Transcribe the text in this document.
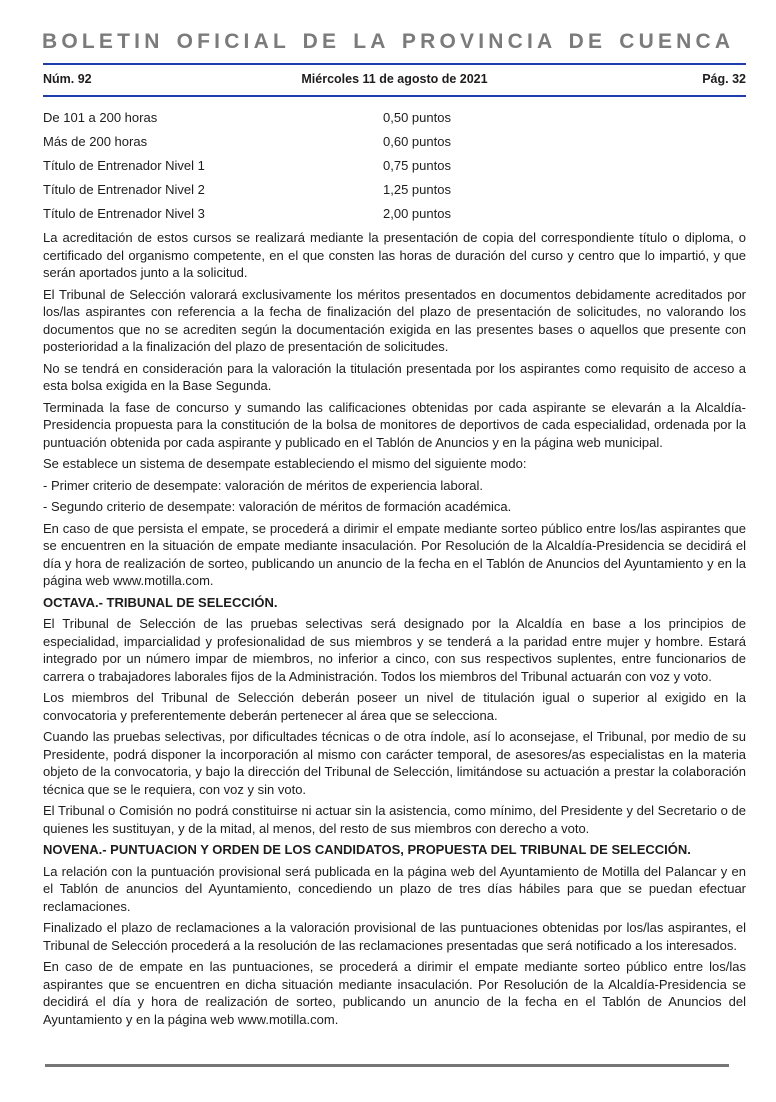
BOLETIN OFICIAL DE LA PROVINCIA DE CUENCA
Núm. 92	Miércoles 11 de agosto de 2021	Pág. 32
De 101 a 200 horas	0,50 puntos
Más de 200 horas	0,60 puntos
Título de Entrenador Nivel 1	0,75 puntos
Título de Entrenador Nivel 2	1,25 puntos
Título de Entrenador Nivel 3	2,00 puntos

La acreditación de estos cursos se realizará mediante la presentación de copia del correspondiente título o diploma, o certificado del organismo competente, en el que consten las horas de duración del curso y centro que lo impartió, y que serán aportados junto a la solicitud.

El Tribunal de Selección valorará exclusivamente los méritos presentados en documentos debidamente acreditados por los/las aspirantes con referencia a la fecha de finalización del plazo de presentación de solicitudes, no valorando los documentos que no se acrediten según la documentación exigida en las presentes bases o aquellos que presente con posterioridad a la finalización del plazo de presentación de solicitudes.

No se tendrá en consideración para la valoración la titulación presentada por los aspirantes como requisito de acceso a esta bolsa exigida en la Base Segunda.

Terminada la fase de concurso y sumando las calificaciones obtenidas por cada aspirante se elevarán a la Alcaldía-Presidencia propuesta para la constitución de la bolsa de monitores de deportivos de cada especialidad, ordenada por la puntuación obtenida por cada aspirante y publicado en el Tablón de Anuncios y en la página web municipal.

Se establece un sistema de desempate estableciendo el mismo del siguiente modo:

- Primer criterio de desempate: valoración de méritos de experiencia laboral.

- Segundo criterio de desempate: valoración de méritos de formación académica.

En caso de que persista el empate, se procederá a dirimir el empate mediante sorteo público entre los/las aspirantes que se encuentren en la situación de empate mediante insaculación. Por Resolución de la Alcaldía-Presidencia se decidirá el día y hora de realización de sorteo, publicando un anuncio de la fecha en el Tablón de Anuncios del Ayuntamiento y en la página web www.motilla.com.

OCTAVA.- TRIBUNAL DE SELECCIÓN.

El Tribunal de Selección de las pruebas selectivas será designado por la Alcaldía en base a los principios de especialidad, imparcialidad y profesionalidad de sus miembros y se tenderá a la paridad entre mujer y hombre. Estará integrado por un número impar de miembros, no inferior a cinco, con sus respectivos suplentes, entre funcionarios de carrera o trabajadores laborales fijos de la Administración. Todos los miembros del Tribunal actuarán con voz y voto.

Los miembros del Tribunal de Selección deberán poseer un nivel de titulación igual o superior al exigido en la convocatoria y preferentemente deberán pertenecer al área que se selecciona.

Cuando las pruebas selectivas, por dificultades técnicas o de otra índole, así lo aconsejase, el Tribunal, por medio de su Presidente, podrá disponer la incorporación al mismo con carácter temporal, de asesores/as especialistas en la materia objeto de la convocatoria, y bajo la dirección del Tribunal de Selección, limitándose su actuación a prestar la colaboración técnica que se le requiera, con voz y sin voto.

El Tribunal o Comisión no podrá constituirse ni actuar sin la asistencia, como mínimo, del Presidente y del Secretario o de quienes les sustituyan, y de la mitad, al menos, del resto de sus miembros con derecho a voto.

NOVENA.- PUNTUACION Y ORDEN DE LOS CANDIDATOS, PROPUESTA DEL TRIBUNAL DE SELECCIÓN.

La relación con la puntuación provisional será publicada en la página web del Ayuntamiento de Motilla del Palancar y en el Tablón de anuncios del Ayuntamiento, concediendo un plazo de tres días hábiles para que se puedan efectuar reclamaciones.

Finalizado el plazo de reclamaciones a la valoración provisional de las puntuaciones obtenidas por los/las aspirantes, el Tribunal de Selección procederá a la resolución de las reclamaciones presentadas que será notificado a los interesados.

En caso de de empate en las puntuaciones, se procederá a dirimir el empate mediante sorteo público entre los/las aspirantes que se encuentren en dicha situación mediante insaculación. Por Resolución de la Alcaldía-Presidencia se decidirá el día y hora de realización de sorteo, publicando un anuncio de la fecha en el Tablón de Anuncios del Ayuntamiento y en la página web www.motilla.com.
